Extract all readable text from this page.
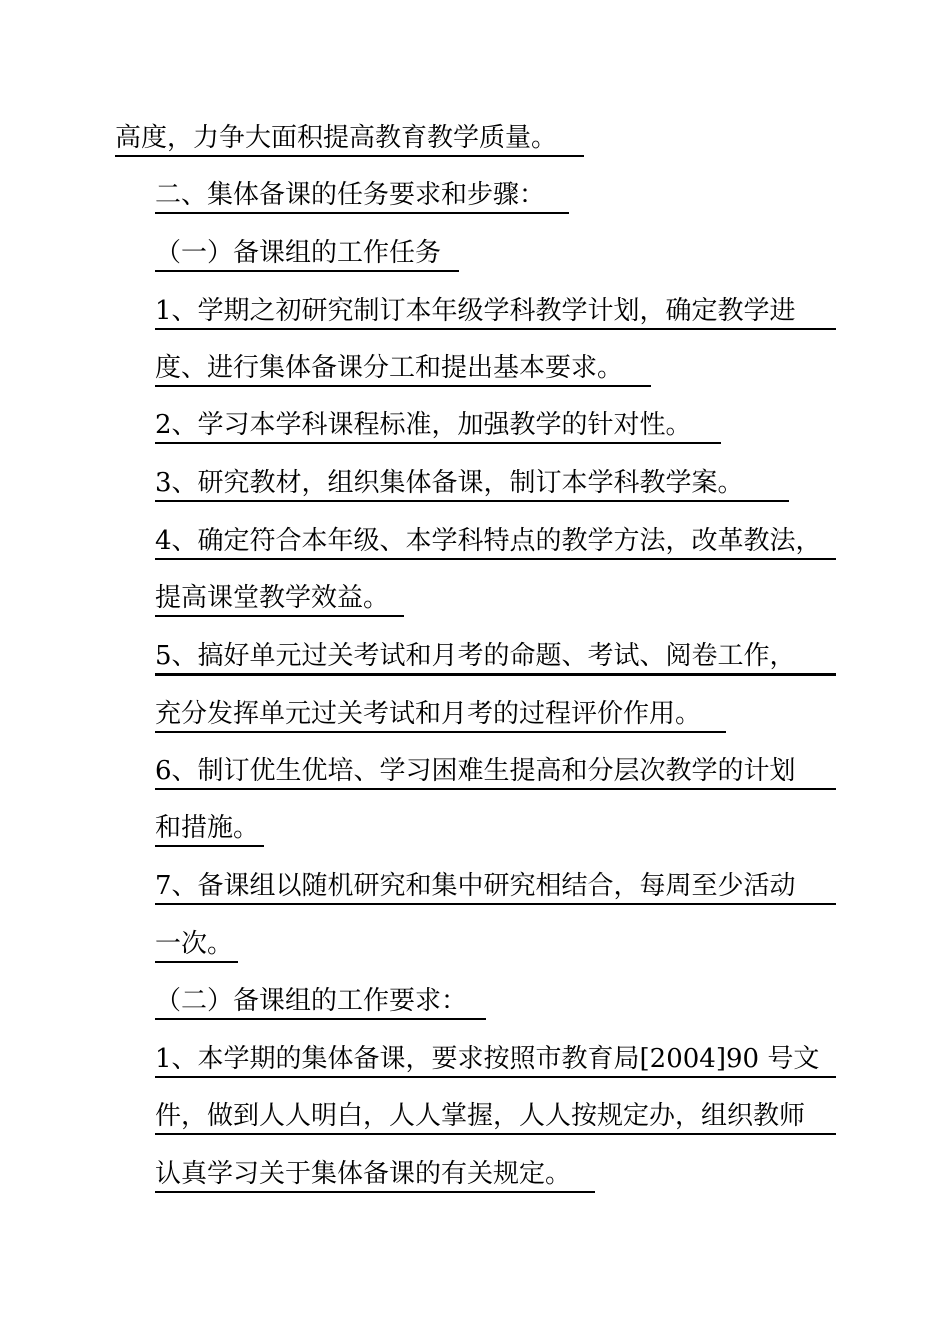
高度，力争大面积提高教育教学质量。
二、集体备课的任务要求和步骤：
（一）备课组的工作任务
1、学期之初研究制订本年级学科教学计划，确定教学进
度、进行集体备课分工和提出基本要求。
2、学习本学科课程标准，加强教学的针对性。
3、研究教材，组织集体备课，制订本学科教学案。
4、确定符合本年级、本学科特点的教学方法，改革教法，
提高课堂教学效益。
5、搞好单元过关考试和月考的命题、考试、阅卷工作，
充分发挥单元过关考试和月考的过程评价作用。
6、制订优生优培、学习困难生提高和分层次教学的计划
和措施。
7、备课组以随机研究和集中研究相结合，每周至少活动
一次。
（二）备课组的工作要求：
1、本学期的集体备课，要求按照市教育局[2004]90 号文
件，做到人人明白，人人掌握，人人按规定办，组织教师
认真学习关于集体备课的有关规定。
